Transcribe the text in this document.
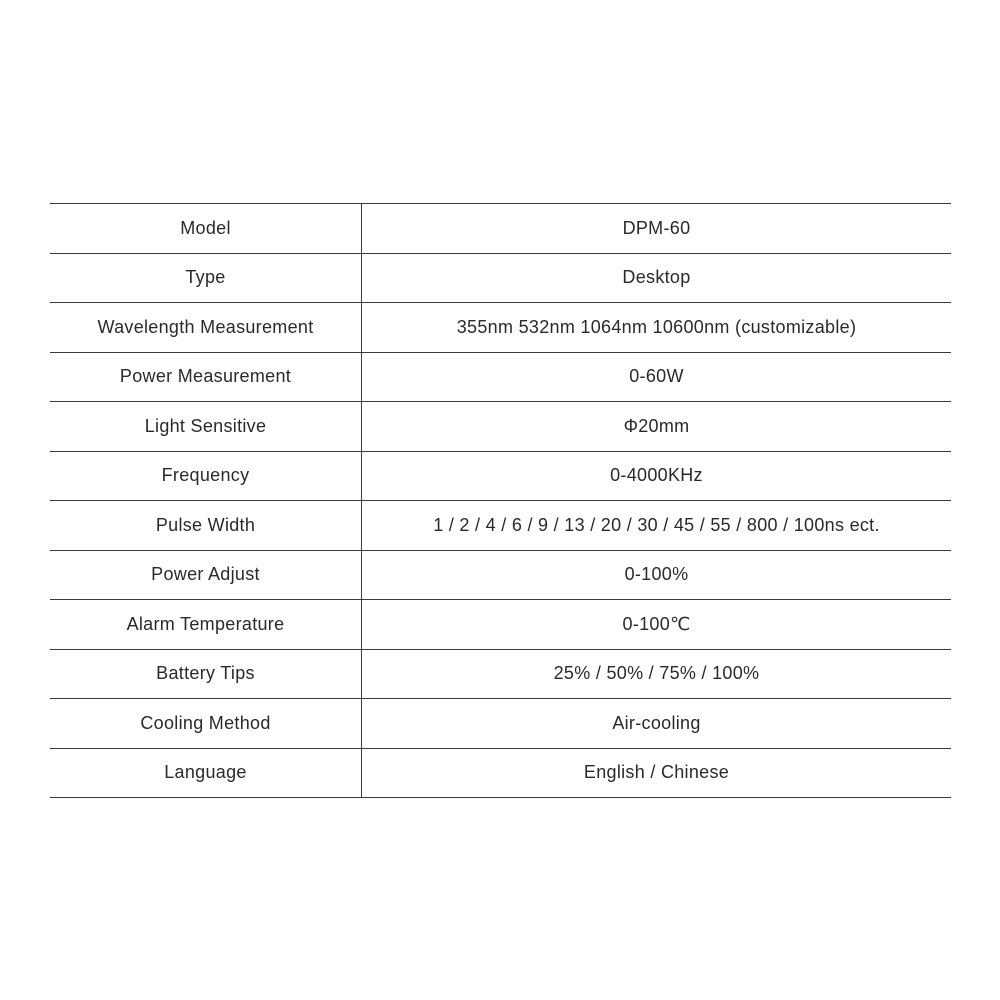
Model	DPM-60
Type	Desktop
Wavelength Measurement	355nm 532nm 1064nm 10600nm (customizable)
Power Measurement	0-60W
Light Sensitive	Φ20mm
Frequency	0-4000KHz
Pulse Width	1 / 2 / 4 / 6 / 9 / 13 / 20 / 30 / 45 / 55 / 800 / 100ns ect.
Power Adjust	0-100%
Alarm Temperature	0-100℃
Battery Tips	25% / 50% / 75% / 100%
Cooling Method	Air-cooling
Language	English / Chinese
